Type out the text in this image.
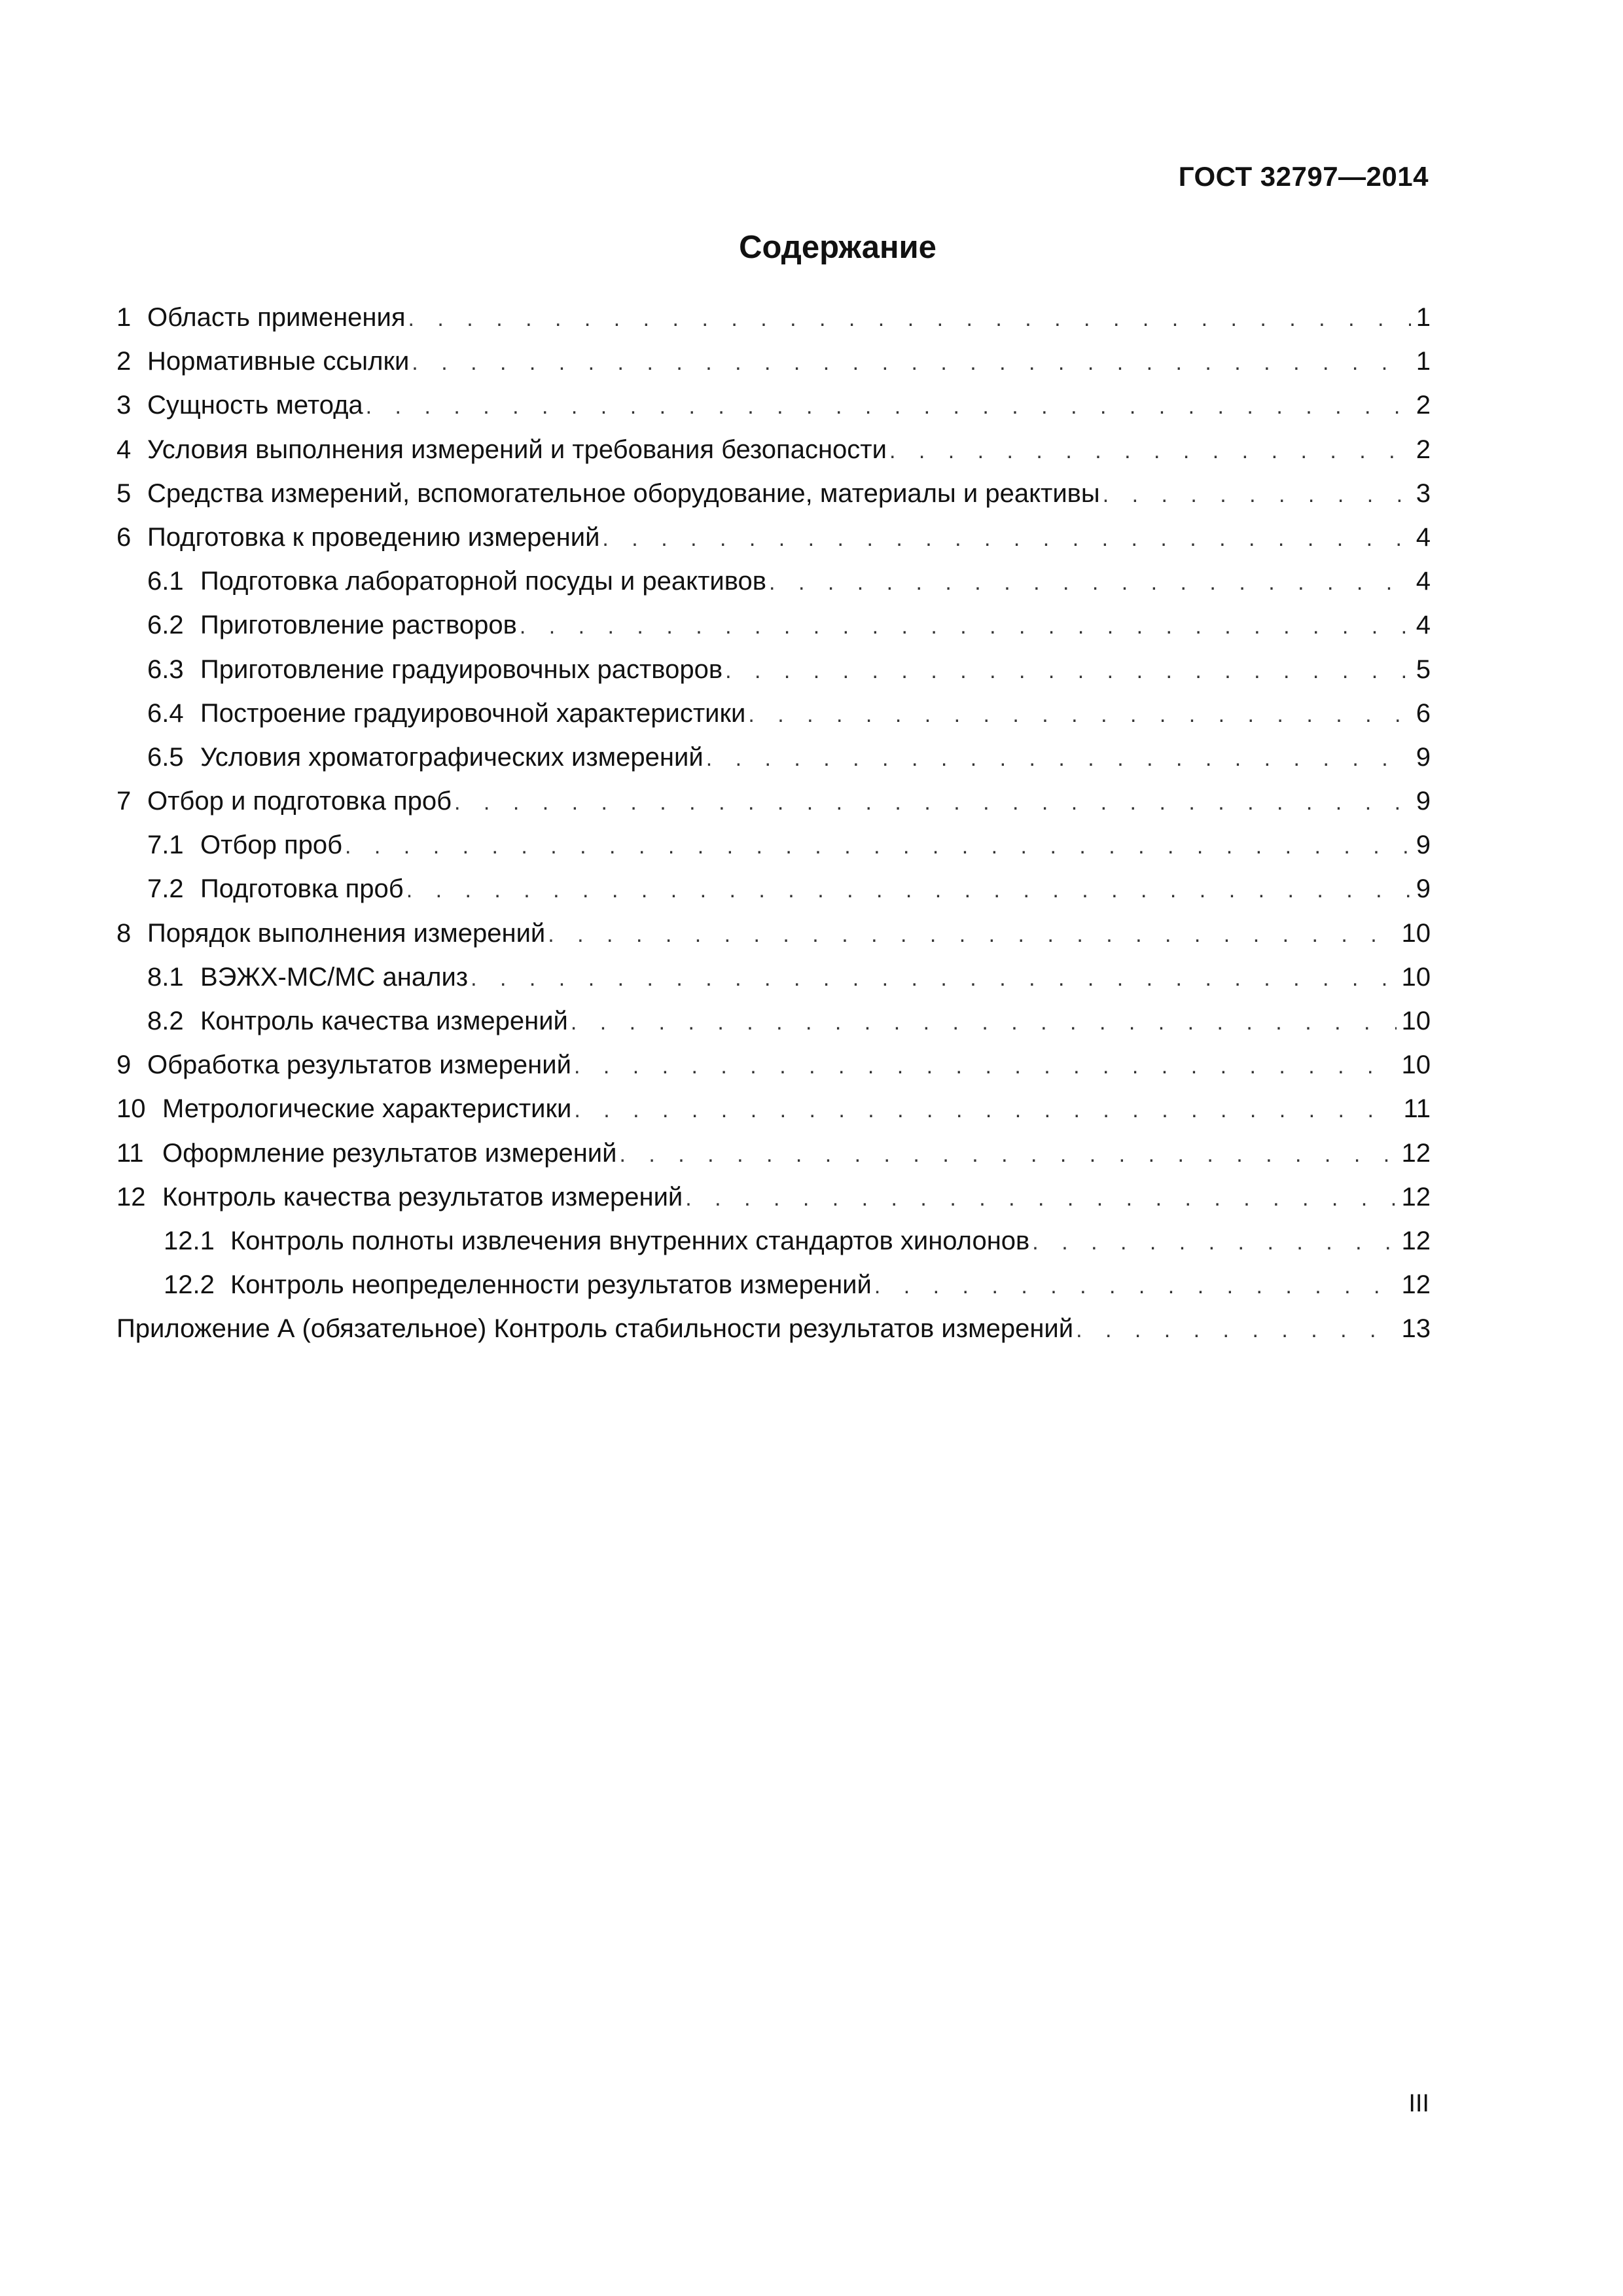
ГОСТ 32797—2014
Содержание
1 Область применения . . .	1
2 Нормативные ссылки . . .	1
3 Сущность метода . . .	2
4 Условия выполнения измерений и требования безопасности . . .	2
5 Средства измерений, вспомогательное оборудование, материалы и реактивы . . .	3
6 Подготовка к проведению измерений . . .	4
6.1 Подготовка лабораторной посуды и реактивов . . .	4
6.2 Приготовление растворов . . .	4
6.3 Приготовление градуировочных растворов . . .	5
6.4 Построение градуировочной характеристики . . .	6
6.5 Условия хроматографических измерений . . .	9
7 Отбор и подготовка проб . . .	9
7.1 Отбор проб . . .	9
7.2 Подготовка проб . . .	9
8 Порядок выполнения измерений . . .	10
8.1 ВЭЖХ-МС/МС анализ . . .	10
8.2 Контроль качества измерений . . .	10
9 Обработка результатов измерений . . .	10
10 Метрологические характеристики . . .	11
11 Оформление результатов измерений . . .	12
12 Контроль качества результатов измерений . . .	12
12.1 Контроль полноты извлечения внутренних стандартов хинолонов . . .	12
12.2 Контроль неопределенности результатов измерений . . .	12
Приложение А (обязательное) Контроль стабильности результатов измерений . . .	13
III
